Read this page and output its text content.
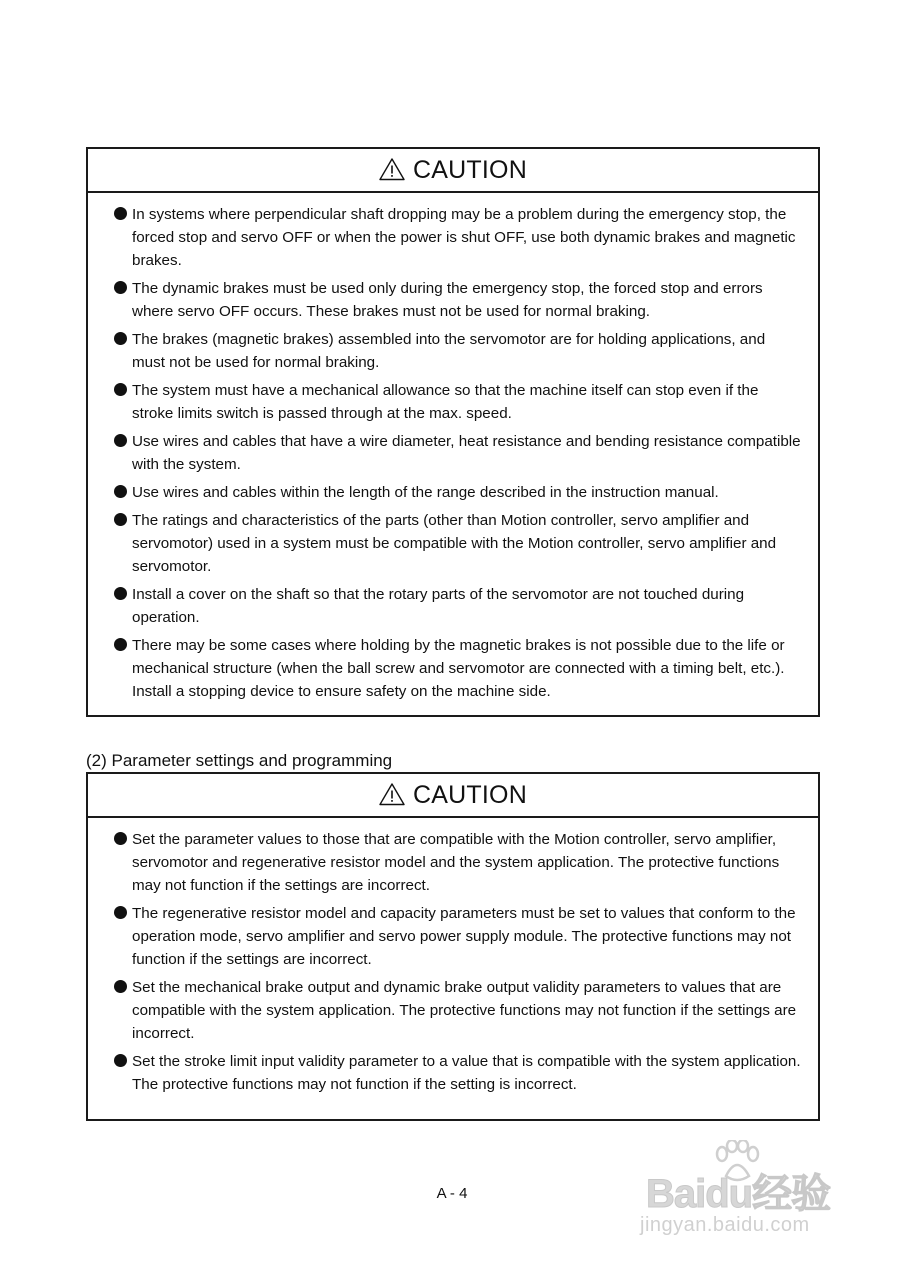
CAUTION
In systems where perpendicular shaft dropping may be a problem during the emergency stop, the forced stop and servo OFF or when the power is shut OFF, use both dynamic brakes and magnetic brakes.
The dynamic brakes must be used only during the emergency stop, the forced stop and errors where servo OFF occurs. These brakes must not be used for normal braking.
The brakes (magnetic brakes) assembled into the servomotor are for holding applications, and must not be used for normal braking.
The system must have a mechanical allowance so that the machine itself can stop even if the stroke limits switch is passed through at the max. speed.
Use wires and cables that have a wire diameter, heat resistance and bending resistance compatible with the system.
Use wires and cables within the length of the range described in the instruction manual.
The ratings and characteristics of the parts (other than Motion controller, servo amplifier and servomotor) used in a system must be compatible with the Motion controller, servo amplifier and servomotor.
Install a cover on the shaft so that the rotary parts of the servomotor are not touched during operation.
There may be some cases where holding by the magnetic brakes is not possible due to the life or mechanical structure (when the ball screw and servomotor are connected with a timing belt, etc.). Install a stopping device to ensure safety on the machine side.
(2) Parameter settings and programming
CAUTION
Set the parameter values to those that are compatible with the Motion controller, servo amplifier, servomotor and regenerative resistor model and the system application. The protective functions may not function if the settings are incorrect.
The regenerative resistor model and capacity parameters must be set to values that conform to the operation mode, servo amplifier and servo power supply module. The protective functions may not function if the settings are incorrect.
Set the mechanical brake output and dynamic brake output validity parameters to values that are compatible with the system application. The protective functions may not function if the settings are incorrect.
Set the stroke limit input validity parameter to a value that is compatible with the system application. The protective functions may not function if the setting is incorrect.
A - 4	Baidu经验
jingyan.baidu.com
